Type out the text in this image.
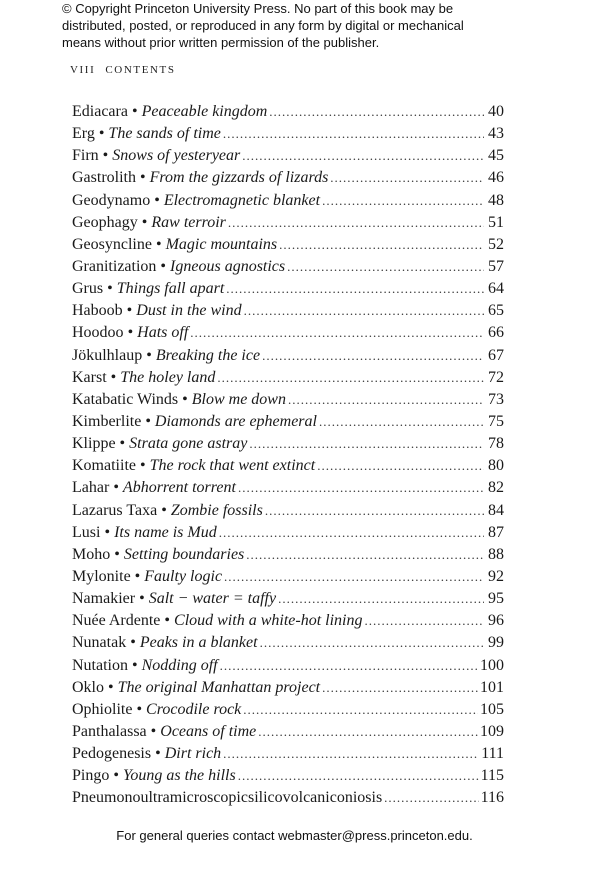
© Copyright Princeton University Press. No part of this book may be
distributed, posted, or reproduced in any form by digital or mechanical
means without prior written permission of the publisher.
VIII CONTENTS
Ediacara • Peaceable kingdom .....	40
Erg • The sands of time .....	43
Firn • Snows of yesteryear .....	45
Gastrolith • From the gizzards of lizards .....	46
Geodynamo • Electromagnetic blanket .....	48
Geophagy • Raw terroir .....	51
Geosyncline • Magic mountains .....	52
Granitization • Igneous agnostics .....	57
Grus • Things fall apart .....	64
Haboob • Dust in the wind .....	65
Hoodoo • Hats off .....	66
Jökulhlaup • Breaking the ice .....	67
Karst • The holey land .....	72
Katabatic Winds • Blow me down .....	73
Kimberlite • Diamonds are ephemeral .....	75
Klippe • Strata gone astray .....	78
Komatiite • The rock that went extinct .....	80
Lahar • Abhorrent torrent .....	82
Lazarus Taxa • Zombie fossils .....	84
Lusi • Its name is Mud .....	87
Moho • Setting boundaries .....	88
Mylonite • Faulty logic .....	92
Namakier • Salt − water = taffy .....	95
Nuée Ardente • Cloud with a white-hot lining .....	96
Nunatak • Peaks in a blanket .....	99
Nutation • Nodding off .....	100
Oklo • The original Manhattan project .....	101
Ophiolite • Crocodile rock .....	105
Panthalassa • Oceans of time .....	109
Pedogenesis • Dirt rich .....	111
Pingo • Young as the hills .....	115
Pneumonoultramicroscopicsilicovolcaniconiosis .....	116
For general queries contact webmaster@press.princeton.edu.
